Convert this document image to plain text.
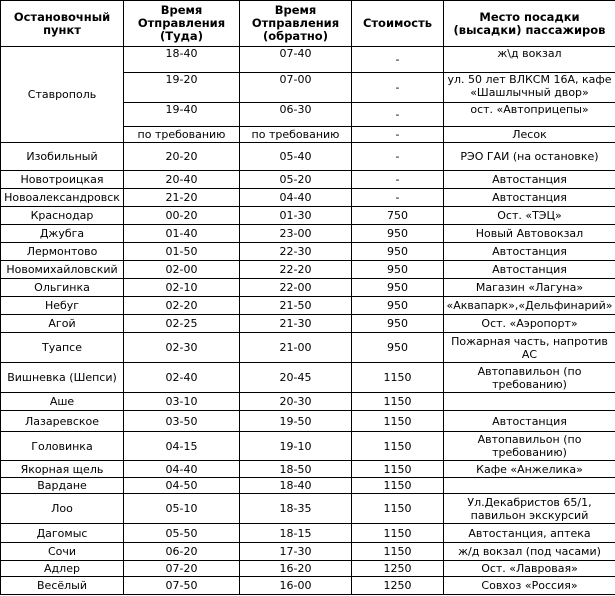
Остановочный пункт	Время Отправления (Туда)	Время Отправления (обратно)	Стоимость	Место посадки (высадки) пассажиров
Ставрополь	18-40	07-40	-	ж\д вокзал
	19-20	07-00	-	ул. 50 лет ВЛКСМ 16А, кафе «Шашлычный двор»
	19-40	06-30	-	ост. «Автоприцепы»
	по требованию	по требованию	-	Лесок
Изобильный	20-20	05-40	-	РЭО ГАИ (на остановке)
Новотроицкая	20-40	05-20	-	Автостанция
Новоалександровск	21-20	04-40	-	Автостанция
Краснодар	00-20	01-30	750	Ост. «ТЭЦ»
Джубга	01-40	23-00	950	Новый Автовокзал
Лермонтово	01-50	22-30	950	Автостанция
Новомихайловский	02-00	22-20	950	Автостанция
Ольгинка	02-10	22-00	950	Магазин «Лагуна»
Небуг	02-20	21-50	950	«Аквапарк»,«Дельфинарий»
Агой	02-25	21-30	950	Ост. «Аэропорт»
Туапсе	02-30	21-00	950	Пожарная часть, напротив АС
Вишневка (Шепси)	02-40	20-45	1150	Автопавильон (по требованию)
Аше	03-10	20-30	1150	
Лазаревское	03-50	19-50	1150	Автостанция
Головинка	04-15	19-10	1150	Автопавильон (по требованию)
Якорная щель	04-40	18-50	1150	Кафе «Анжелика»
Вардане	04-50	18-40	1150	
Лоо	05-10	18-35	1150	Ул.Декабристов 65/1, павильон экскурсий
Дагомыс	05-50	18-15	1150	Автостанция, аптека
Сочи	06-20	17-30	1150	ж/д вокзал (под часами)
Адлер	07-20	16-20	1250	Ост. «Лавровая»
Весёлый	07-50	16-00	1250	Совхоз «Россия»
